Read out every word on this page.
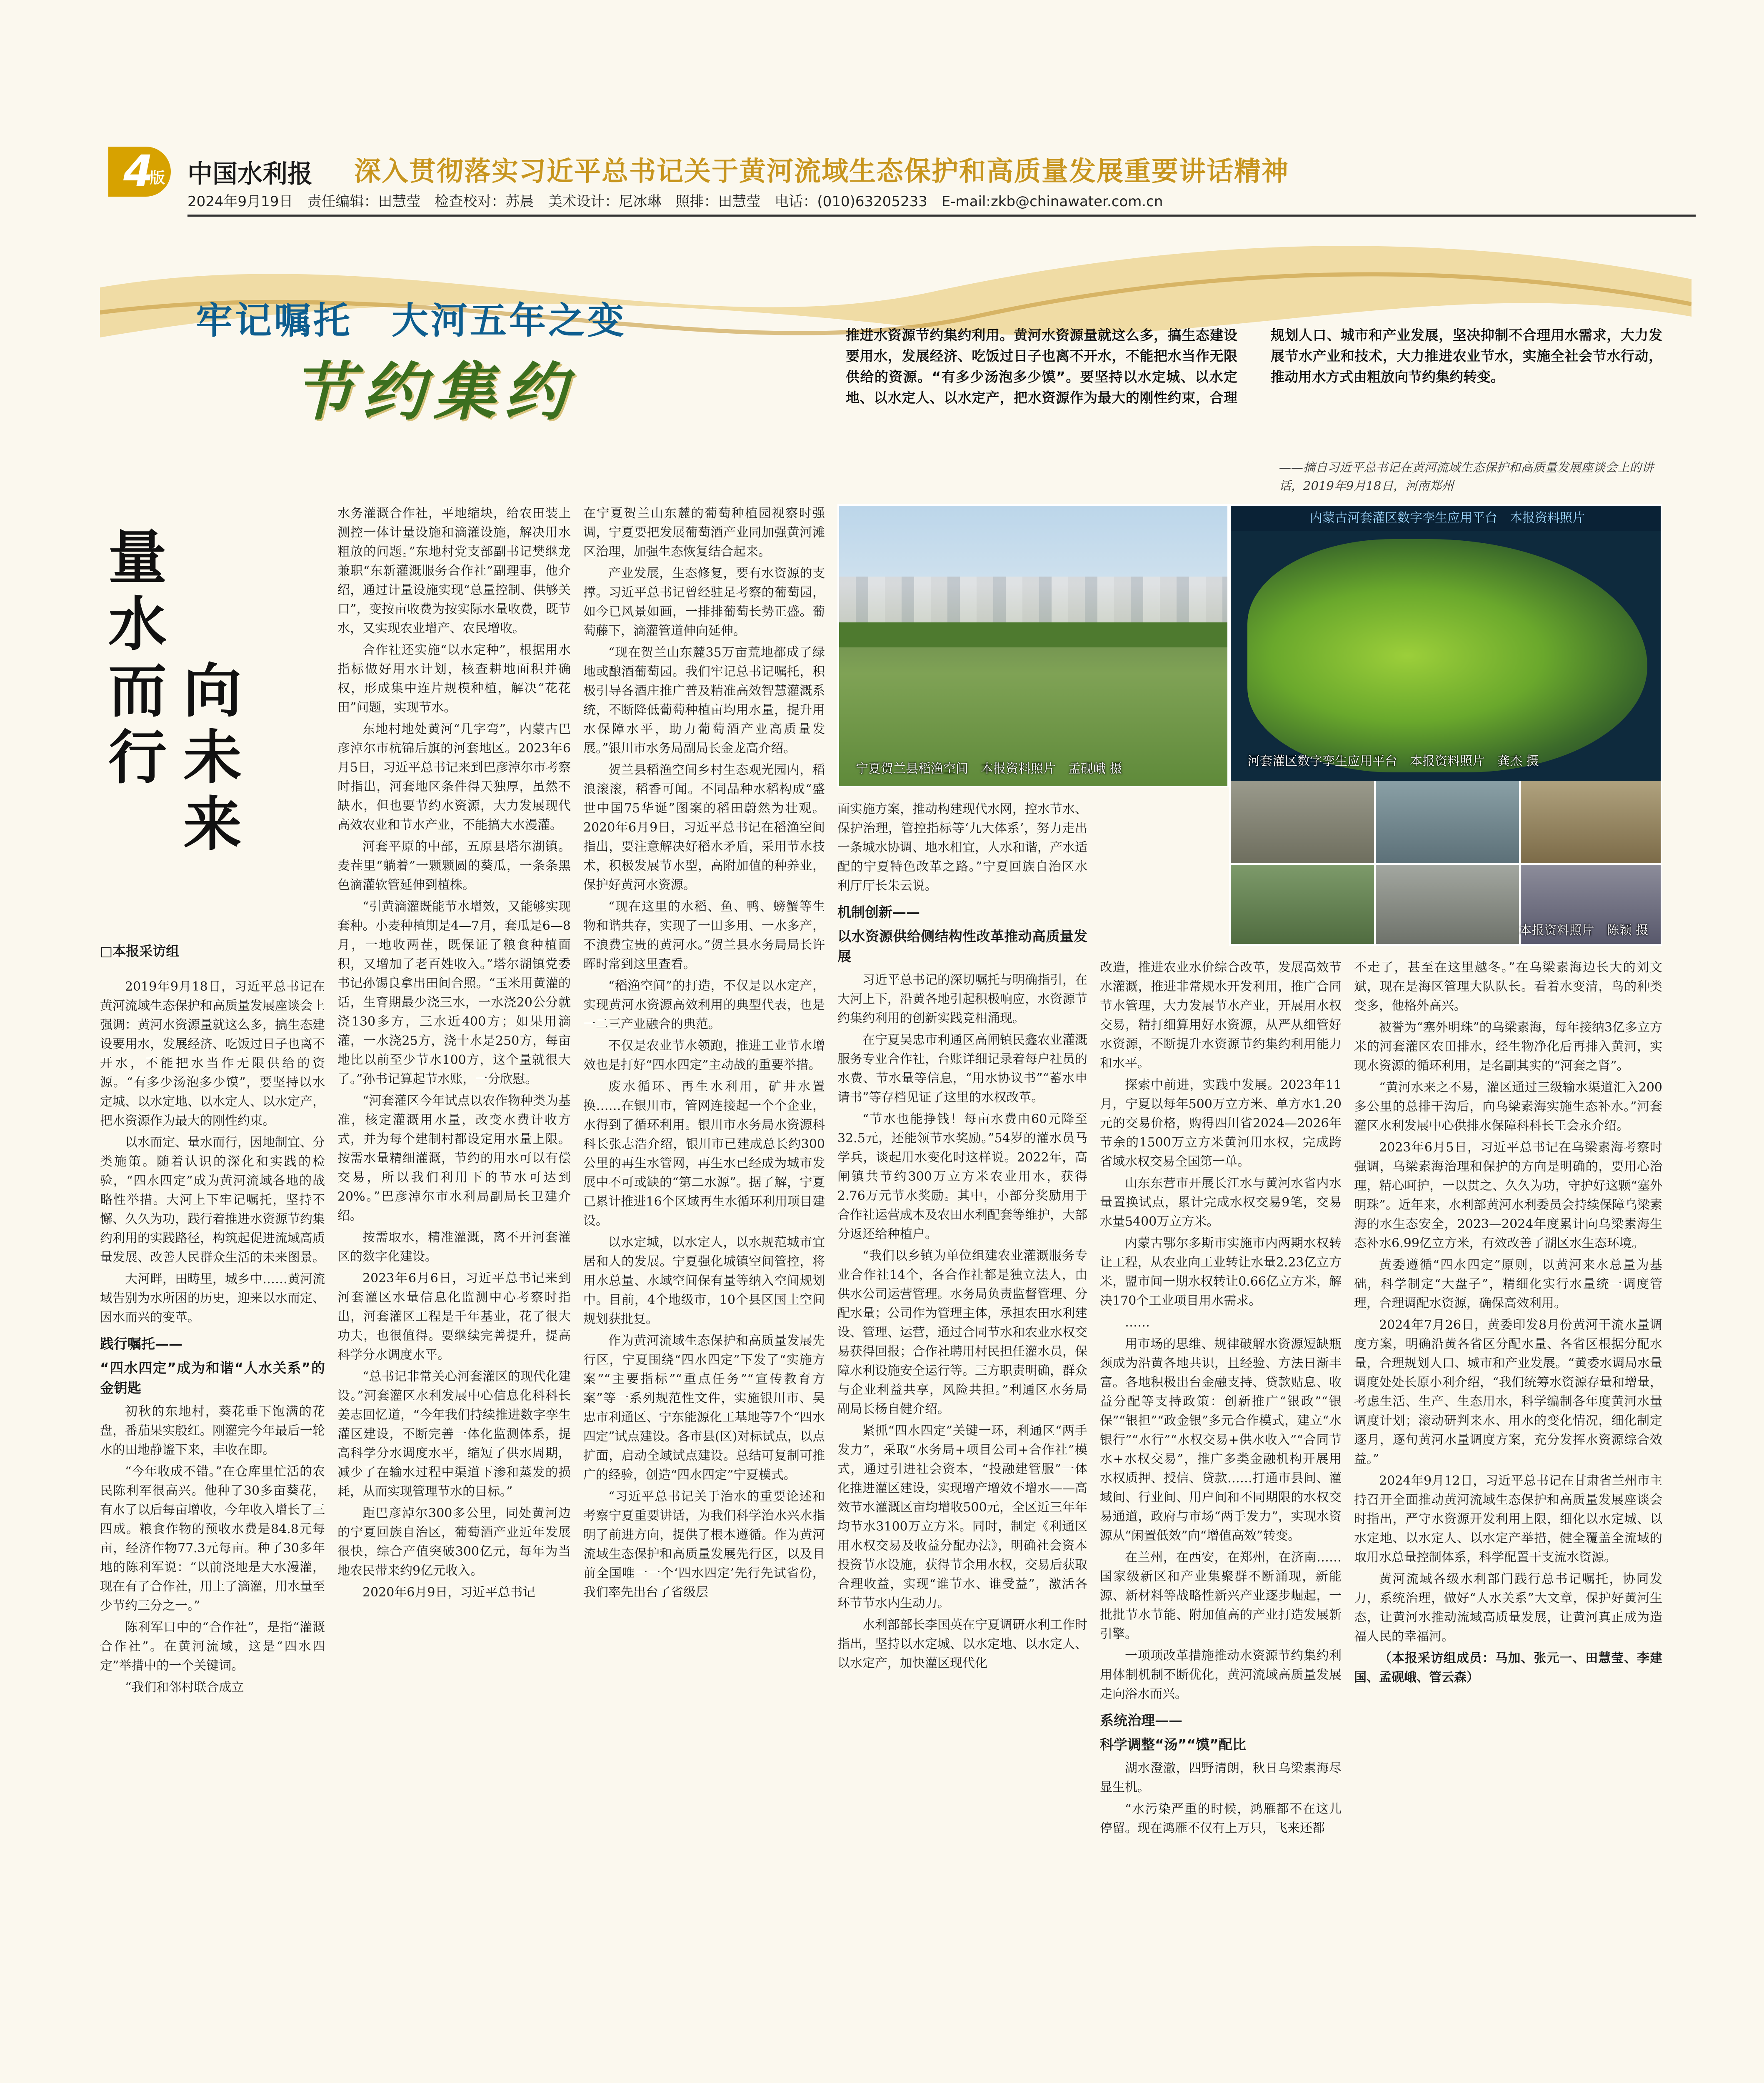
4
版 中国水利报 深入贯彻落实习近平总书记关于黄河流域生态保护和高质量发展重要讲话精神
2024年9月19日　责任编辑：田慧莹　检查校对：苏晨　美术设计：尼冰琳　照排：田慧莹　电话：(010)63205233　E-mail:zkb@chinawater.com.cn
牢记嘱托　大河五年之变
节约集约
推进水资源节约集约利用。黄河水资源量就这么多，搞生态建设要用水，发展经济、吃饭过日子也离不开水，不能把水当作无限供给的资源。“有多少汤泡多少馍”。要坚持以水定城、以水定地、以水定人、以水定产，把水资源作为最大的刚性约束，合理规划人口、城市和产业发展，坚决抑制不合理用水需求，大力发展节水产业和技术，大力推进农业节水，实施全社会节水行动，推动用水方式由粗放向节约集约转变。
——摘自习近平总书记在黄河流域生态保护和高质量发展座谈会上的讲话，2019年9月18日，河南郑州
量水而行
向未来
□本报采访组

2019年9月18日，习近平总书记在黄河流域生态保护和高质量发展座谈会上强调：黄河水资源量就这么多，搞生态建设要用水，发展经济、吃饭过日子也离不开水，不能把水当作无限供给的资源。“有多少汤泡多少馍”，要坚持以水定城、以水定地、以水定人、以水定产，把水资源作为最大的刚性约束。

以水而定、量水而行，因地制宜、分类施策。随着认识的深化和实践的检验，“四水四定”成为黄河流域各地的战略性举措。大河上下牢记嘱托，坚持不懈、久久为功，践行着推进水资源节约集约利用的实践路径，构筑起促进流域高质量发展、改善人民群众生活的未来图景。

大河畔，田畴里，城乡中……黄河流域告别为水所困的历史，迎来以水而定、因水而兴的变革。

践行嘱托——
“四水四定”成为和谐“人水关系”的金钥匙

初秋的东地村，葵花垂下饱满的花盘，番茄果实殷红。刚灌完今年最后一轮水的田地静谧下来，丰收在即。

“今年收成不错。”在仓库里忙活的农民陈利军很高兴。他种了30多亩葵花，有水了以后每亩增收，今年收入增长了三四成。粮食作物的预收水费是84.8元每亩，经济作物77.3元每亩。种了30多年地的陈利军说：“以前浇地是大水漫灌，现在有了合作社，用上了滴灌，用水量至少节约三分之一。”

陈利军口中的“合作社”，是指“灌溉合作社”。在黄河流域，这是“四水四定”举措中的一个关键词。

“我们和邻村联合成立

水务灌溉合作社，平地缩块，给农田装上测控一体计量设施和滴灌设施，解决用水粗放的问题。”东地村党支部副书记樊继龙兼职“东新灌溉服务合作社”副理事，他介绍，通过计量设施实现“总量控制、供够关口”，变按亩收费为按实际水量收费，既节水，又实现农业增产、农民增收。

合作社还实施“以水定种”，根据用水指标做好用水计划，核查耕地面积并确权，形成集中连片规模种植，解决“花花田”问题，实现节水。

东地村地处黄河“几字弯”，内蒙古巴彦淖尔市杭锦后旗的河套地区。2023年6月5日，习近平总书记来到巴彦淖尔市考察时指出，河套地区条件得天独厚，虽然不缺水，但也要节约水资源，大力发展现代高效农业和节水产业，不能搞大水漫灌。

河套平原的中部，五原县塔尔湖镇。麦茬里“躺着”一颗颗圆的葵瓜，一条条黑色滴灌软管延伸到植株。

“引黄滴灌既能节水增效，又能够实现套种。小麦种植期是4—7月，套瓜是6—8月，一地收两茬，既保证了粮食种植面积，又增加了老百姓收入。”塔尔湖镇党委书记孙锡良拿出田间合照。“玉米用黄灌的话，生育期最少浇三水，一水浇20公分就浇130多方，三水近400方；如果用滴灌，一水浇25方，浇十水是250方，每亩地比以前至少节水100方，这个量就很大了。”孙书记算起节水账，一分欣慰。

“河套灌区今年试点以农作物种类为基准，核定灌溉用水量，改变水费计收方式，并为每个建制村都设定用水量上限。按需水量精细灌溉，节约的用水可以有偿交易，所以我们利用下的节水可达到20%。”巴彦淖尔市水利局副局长卫建介绍。

按需取水，精准灌溉，离不开河套灌区的数字化建设。

2023年6月6日，习近平总书记来到河套灌区水量信息化监测中心考察时指出，河套灌区工程是千年基业，花了很大功夫，也很值得。要继续完善提升，提高科学分水调度水平。

“总书记非常关心河套灌区的现代化建设。”河套灌区水利发展中心信息化科科长姜志回忆道，“今年我们持续推进数字孪生灌区建设，不断完善一体化监测体系，提高科学分水调度水平，缩短了供水周期，减少了在输水过程中渠道下渗和蒸发的损耗，从而实现管理节水的目标。”

距巴彦淖尔300多公里，同处黄河边的宁夏回族自治区，葡萄酒产业近年发展很快，综合产值突破300亿元，每年为当地农民带来约9亿元收入。

2020年6月9日，习近平总书记

在宁夏贺兰山东麓的葡萄种植园视察时强调，宁夏要把发展葡萄酒产业同加强黄河滩区治理，加强生态恢复结合起来。

产业发展，生态修复，要有水资源的支撑。习近平总书记曾经驻足考察的葡萄园，如今已风景如画，一排排葡萄长势正盛。葡萄藤下，滴灌管道伸向延伸。

“现在贺兰山东麓35万亩荒地都成了绿地或酿酒葡萄园。我们牢记总书记嘱托，积极引导各酒庄推广普及精准高效智慧灌溉系统，不断降低葡萄种植亩均用水量，提升用水保障水平，助力葡萄酒产业高质量发展。”银川市水务局副局长金龙高介绍。

贺兰县稻渔空间乡村生态观光园内，稻浪滚滚，稻香可闻。不同品种水稻构成“盛世中国75华诞”图案的稻田蔚然为壮观。2020年6月9日，习近平总书记在稻渔空间指出，要注意解决好稻水矛盾，采用节水技术，积极发展节水型，高附加值的种养业，保护好黄河水资源。

“现在这里的水稻、鱼、鸭、螃蟹等生物和谐共存，实现了一田多用、一水多产，不浪费宝贵的黄河水。”贺兰县水务局局长许晖时常到这里查看。

“稻渔空间”的打造，不仅是以水定产，实现黄河水资源高效利用的典型代表，也是一二三产业融合的典范。

不仅是农业节水领跑，推进工业节水增效也是打好“四水四定”主动战的重要举措。

废水循环、再生水利用，矿井水置换……在银川市，管网连接起一个个企业，水得到了循环利用。银川市水务局水资源科科长张志浩介绍，银川市已建成总长约300公里的再生水管网，再生水已经成为城市发展中不可或缺的“第二水源”。据了解，宁夏已累计推进16个区域再生水循环利用项目建设。

以水定城，以水定人，以水规范城市宜居和人的发展。宁夏强化城镇空间管控，将用水总量、水域空间保有量等纳入空间规划中。目前，4个地级市，10个县区国土空间规划获批复。

作为黄河流域生态保护和高质量发展先行区，宁夏围绕“四水四定”下发了“实施方案”“主要指标”“重点任务”“宣传教育方案”等一系列规范性文件，实施银川市、吴忠市利通区、宁东能源化工基地等7个“四水四定”试点建设。各市县(区)对标试点，以点扩面，启动全域试点建设。总结可复制可推广的经验，创造“四水四定”宁夏模式。

“习近平总书记关于治水的重要论述和考察宁夏重要讲话，为我们科学治水兴水指明了前进方向，提供了根本遵循。作为黄河流域生态保护和高质量发展先行区，以及目前全国唯一一个‘四水四定’先行先试省份，我们率先出台了省级层

宁夏贺兰县稻渔空间　本报资料照片　孟砚峨 摄
内蒙古河套灌区数字孪生应用平台　本报资料照片
河套灌区数字孪生应用平台　本报资料照片　龚杰 摄
本报资料照片　陈颖 摄

面实施方案，推动构建现代水网，控水节水、保护治理，管控指标等‘九大体系’，努力走出一条城水协调、地水相宜，人水和谐，产水适配的宁夏特色改革之路。”宁夏回族自治区水利厅厅长朱云说。

机制创新——
以水资源供给侧结构性改革推动高质量发展

习近平总书记的深切嘱托与明确指引，在大河上下，沿黄各地引起积极响应，水资源节约集约利用的创新实践竞相涌现。

在宁夏吴忠市利通区高闸镇民鑫农业灌溉服务专业合作社，台账详细记录着每户社员的水费、节水量等信息，“用水协议书”“蓄水申请书”等存档见证了这里的水权改革。

“节水也能挣钱！每亩水费由60元降至32.5元，还能领节水奖励。”54岁的灌水员马学兵，谈起用水变化时这样说。2022年，高闸镇共节约300万立方米农业用水，获得2.76万元节水奖励。其中，小部分奖励用于合作社运营成本及农田水利配套等维护，大部分返还给种植户。

“我们以乡镇为单位组建农业灌溉服务专业合作社14个，各合作社都是独立法人，由供水公司运营管理。水务局负责监督管理、分配水量；公司作为管理主体，承担农田水利建设、管理、运营，通过合同节水和农业水权交易获得回报；合作社聘用村民担任灌水员，保障水利设施安全运行等。三方职责明确，群众与企业利益共享，风险共担。”利通区水务局副局长杨自健介绍。

紧抓“四水四定”关键一环，利通区“两手发力”，采取“水务局+项目公司+合作社”模式，通过引进社会资本，“投融建管服”一体化推进灌区建设，实现增产增效不增水——高效节水灌溉区亩均增收500元，全区近三年年均节水3100万立方米。同时，制定《利通区用水权交易及收益分配办法》，明确社会资本投资节水设施，获得节余用水权，交易后获取合理收益，实现“谁节水、谁受益”，激活各环节节水内生动力。

水利部部长李国英在宁夏调研水利工作时指出，坚持以水定城、以水定地、以水定人、以水定产，加快灌区现代化

改造，推进农业水价综合改革，发展高效节水灌溉，推进非常规水开发利用，推广合同节水管理，大力发展节水产业，开展用水权交易，精打细算用好水资源，从严从细管好水资源，不断提升水资源节约集约利用能力和水平。

探索中前进，实践中发展。2023年11月，宁夏以每年500万立方米、单方水1.20元的交易价格，购得四川省2024—2026年节余的1500万立方米黄河用水权，完成跨省域水权交易全国第一单。

山东东营市开展长江水与黄河水省内水量置换试点，累计完成水权交易9笔，交易水量5400万立方米。

内蒙古鄂尔多斯市实施市内两期水权转让工程，从农业向工业转让水量2.23亿立方米，盟市间一期水权转让0.66亿立方米，解决170个工业项目用水需求。

……

用市场的思维、规律破解水资源短缺瓶颈成为沿黄各地共识，且经验、方法日渐丰富。各地积极出台金融支持、贷款贴息、收益分配等支持政策：创新推广“银政”“银保”“银担”“政金银”多元合作模式，建立“水银行”“水行”“水权交易+供水收入”“合同节水+水权交易”，推广多类金融机构开展用水权质押、授信、贷款……打通市县间、灌域间、行业间、用户间和不同期限的水权交易通道，政府与市场“两手发力”，实现水资源从“闲置低效”向“增值高效”转变。

在兰州，在西安，在郑州，在济南……国家级新区和产业集聚群不断涌现，新能源、新材料等战略性新兴产业逐步崛起，一批批节水节能、附加值高的产业打造发展新引擎。

一项项改革措施推动水资源节约集约利用体制机制不断优化，黄河流域高质量发展走向浴水而兴。

系统治理——
科学调整“汤”“馍”配比

湖水澄澈，四野清朗，秋日乌梁素海尽显生机。

“水污染严重的时候，鸿雁都不在这儿停留。现在鸿雁不仅有上万只，飞来还都

不走了，甚至在这里越冬。”在乌梁素海边长大的刘文斌，现在是海区管理大队队长。看着水变清，鸟的种类变多，他格外高兴。

被誉为“塞外明珠”的乌梁素海，每年接纳3亿多立方米的河套灌区农田排水，经生物净化后再排入黄河，实现水资源的循环利用，是名副其实的“河套之肾”。

“黄河水来之不易，灌区通过三级输水渠道汇入200多公里的总排干沟后，向乌梁素海实施生态补水。”河套灌区水利发展中心供排水保障科科长王会永介绍。

2023年6月5日，习近平总书记在乌梁素海考察时强调，乌梁素海治理和保护的方向是明确的，要用心治理，精心呵护，一以贯之、久久为功，守护好这颗“塞外明珠”。近年来，水利部黄河水利委员会持续保障乌梁素海的水生态安全，2023—2024年度累计向乌梁素海生态补水6.99亿立方米，有效改善了湖区水生态环境。

黄委遵循“四水四定”原则，以黄河来水总量为基础，科学制定“大盘子”，精细化实行水量统一调度管理，合理调配水资源，确保高效利用。

2024年7月26日，黄委印发8月份黄河干流水量调度方案，明确沿黄各省区分配水量、各省区根据分配水量，合理规划人口、城市和产业发展。“黄委水调局水量调度处处长原小利介绍，“我们统筹水资源存量和增量，考虑生活、生产、生态用水，科学编制各年度黄河水量调度计划；滚动研判来水、用水的变化情况，细化制定逐月，逐旬黄河水量调度方案，充分发挥水资源综合效益。”

2024年9月12日，习近平总书记在甘肃省兰州市主持召开全面推动黄河流域生态保护和高质量发展座谈会时指出，严守水资源开发利用上限，细化以水定城、以水定地、以水定人、以水定产举措，健全覆盖全流域的取用水总量控制体系，科学配置干支流水资源。

黄河流域各级水利部门践行总书记嘱托，协同发力，系统治理，做好“人水关系”大文章，保护好黄河生态，让黄河水推动流域高质量发展，让黄河真正成为造福人民的幸福河。

（本报采访组成员：马加、张元一、田慧莹、李建国、孟砚峨、管云森）
